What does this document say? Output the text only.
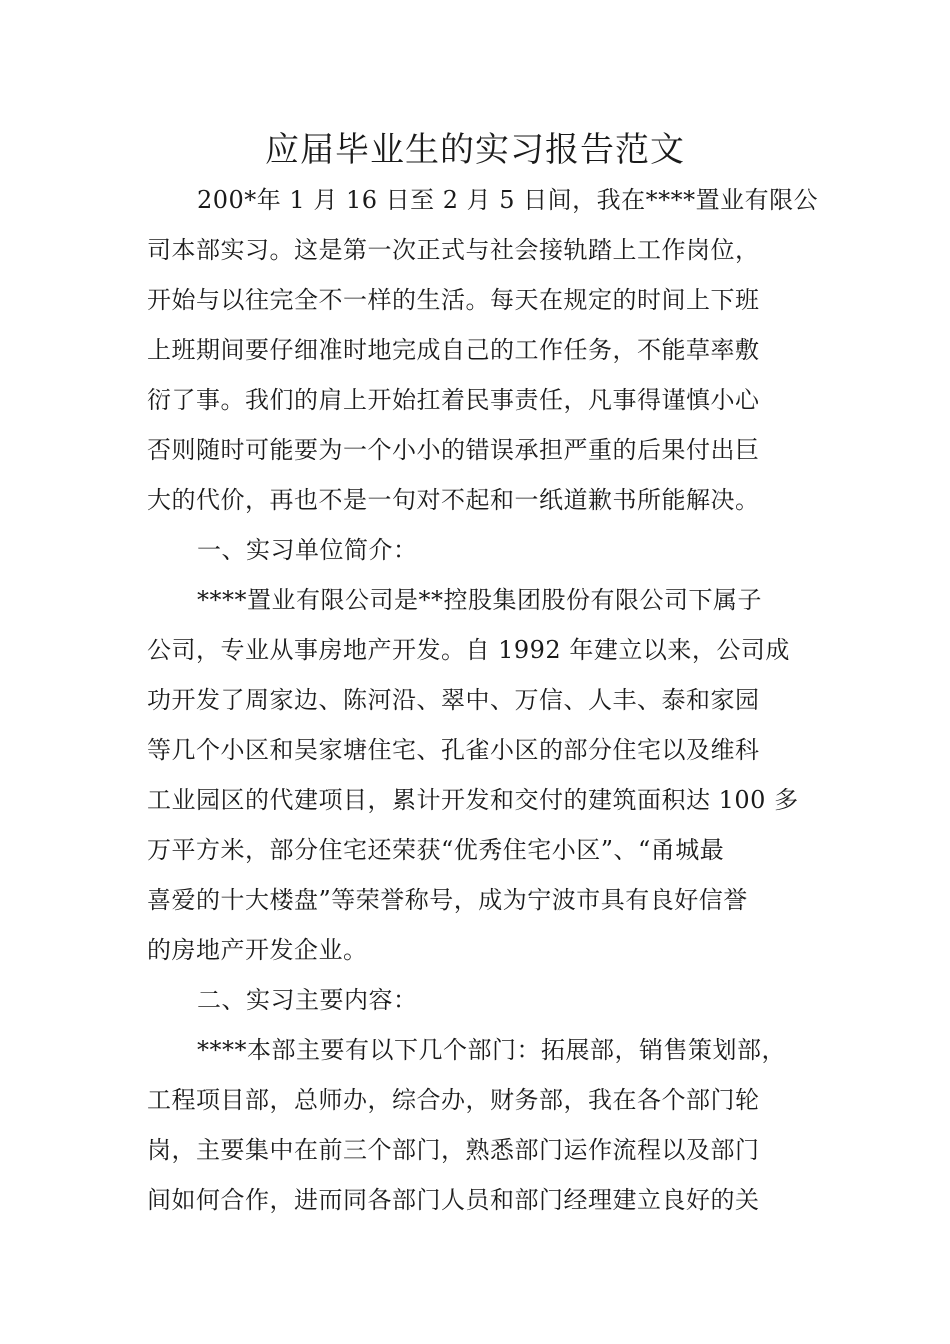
应届毕业生的实习报告范文
200*年 1 月 16 日至 2 月 5 日间，我在****置业有限公
司本部实习。这是第一次正式与社会接轨踏上工作岗位，
开始与以往完全不一样的生活。每天在规定的时间上下班
上班期间要仔细准时地完成自己的工作任务，不能草率敷
衍了事。我们的肩上开始扛着民事责任，凡事得谨慎小心
否则随时可能要为一个小小的错误承担严重的后果付出巨
大的代价，再也不是一句对不起和一纸道歉书所能解决。
一、实习单位简介：
****置业有限公司是**控股集团股份有限公司下属子
公司，专业从事房地产开发。自 1992 年建立以来，公司成
功开发了周家边、陈河沿、翠中、万信、人丰、泰和家园
等几个小区和吴家塘住宅、孔雀小区的部分住宅以及维科
工业园区的代建项目，累计开发和交付的建筑面积达 100 多
万平方米，部分住宅还荣获“优秀住宅小区”、“甬城最
喜爱的十大楼盘”等荣誉称号，成为宁波市具有良好信誉
的房地产开发企业。
二、实习主要内容：
****本部主要有以下几个部门：拓展部，销售策划部，
工程项目部，总师办，综合办，财务部，我在各个部门轮
岗，主要集中在前三个部门，熟悉部门运作流程以及部门
间如何合作，进而同各部门人员和部门经理建立良好的关
